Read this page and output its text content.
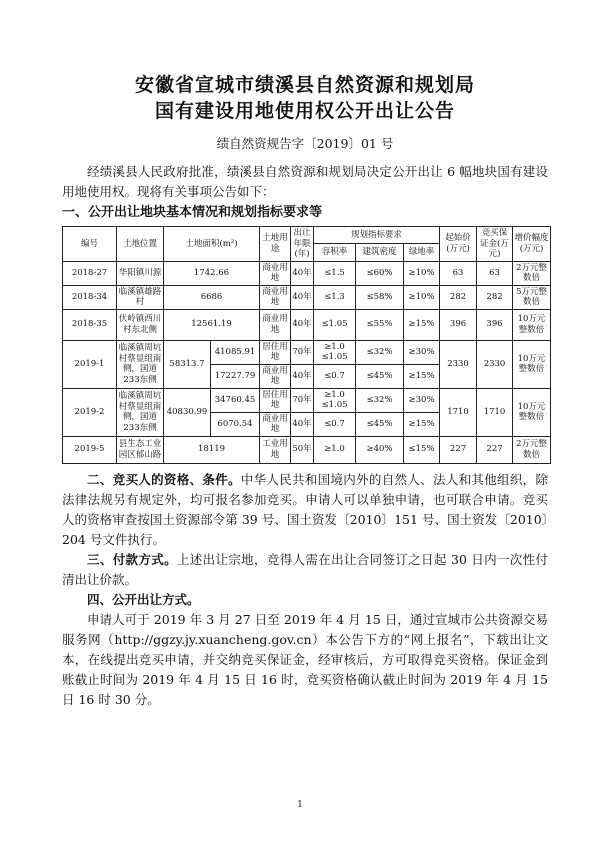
安徽省宣城市绩溪县自然资源和规划局
国有建设用地使用权公开出让公告
绩自然资规告字〔2019〕01 号

经绩溪县人民政府批准，绩溪县自然资源和规划局决定公开出让 6 幅地块国有建设用地使用权。现将有关事项公告如下：

一、公开出让地块基本情况和规划指标要求等

编号	土地位置	土地面积(m²)		土地用途	出让年限(年)	规划指标要求			起始价(万元)	竞买保证金(万元)	增价幅度(万元)
						容积率	建筑密度	绿地率			
2018-27	华阳镇川源	1742.66		商业用地	40年	≤1.5	≤60%	≥10%	63	63	2万元整数倍
2018-34	临溪镇雄路村	6686		商业用地	40年	≤1.3	≤58%	≥10%	282	282	5万元整数倍
2018-35	伏岭镇西川村东北侧	12561.19		商业用地	40年	≤1.05	≤55%	≥15%	396	396	10万元整数倍
2019-1	临溪镇周坑村蔡显组南侧，国道233东侧	58313.7	41085.91	居住用地	70年	≥1.0 ≤1.05	≤32%	≥30%	2330	2330	10万元整数倍
			17227.79	商业用地	40年	≤0.7	≤45%	≥15%			
2019-2	临溪镇周坑村蔡显组南侧，国道233东侧	40830.99	34760.45	居住用地	70年	≥1.0 ≤1.05	≤32%	≥30%	1710	1710	10万元整数倍
			6070.54	商业用地	40年	≤0.7	≤45%	≥15%			
2019-5	县生态工业园区郁山路	18119		工业用地	50年	≥1.0	≥40%	≤15%	227	227	2万元整数倍

二、竞买人的资格、条件。中华人民共和国境内外的自然人、法人和其他组织，除法律法规另有规定外，均可报名参加竞买。申请人可以单独申请，也可联合申请。竞买人的资格审查按国土资源部令第 39 号、国土资发〔2010〕151 号、国土资发〔2010〕204 号文件执行。

三、付款方式。上述出让宗地，竞得人需在出让合同签订之日起 30 日内一次性付清出让价款。

四、公开出让方式。

申请人可于 2019 年 3 月 27 日至 2019 年 4 月 15 日，通过宣城市公共资源交易服务网（http://ggzy.jy.xuancheng.gov.cn）本公告下方的“网上报名”，下载出让文本，在线提出竞买申请，并交纳竞买保证金，经审核后，方可取得竞买资格。保证金到账截止时间为 2019 年 4 月 15 日 16 时，竞买资格确认截止时间为 2019 年 4 月 15 日 16 时 30 分。

1
